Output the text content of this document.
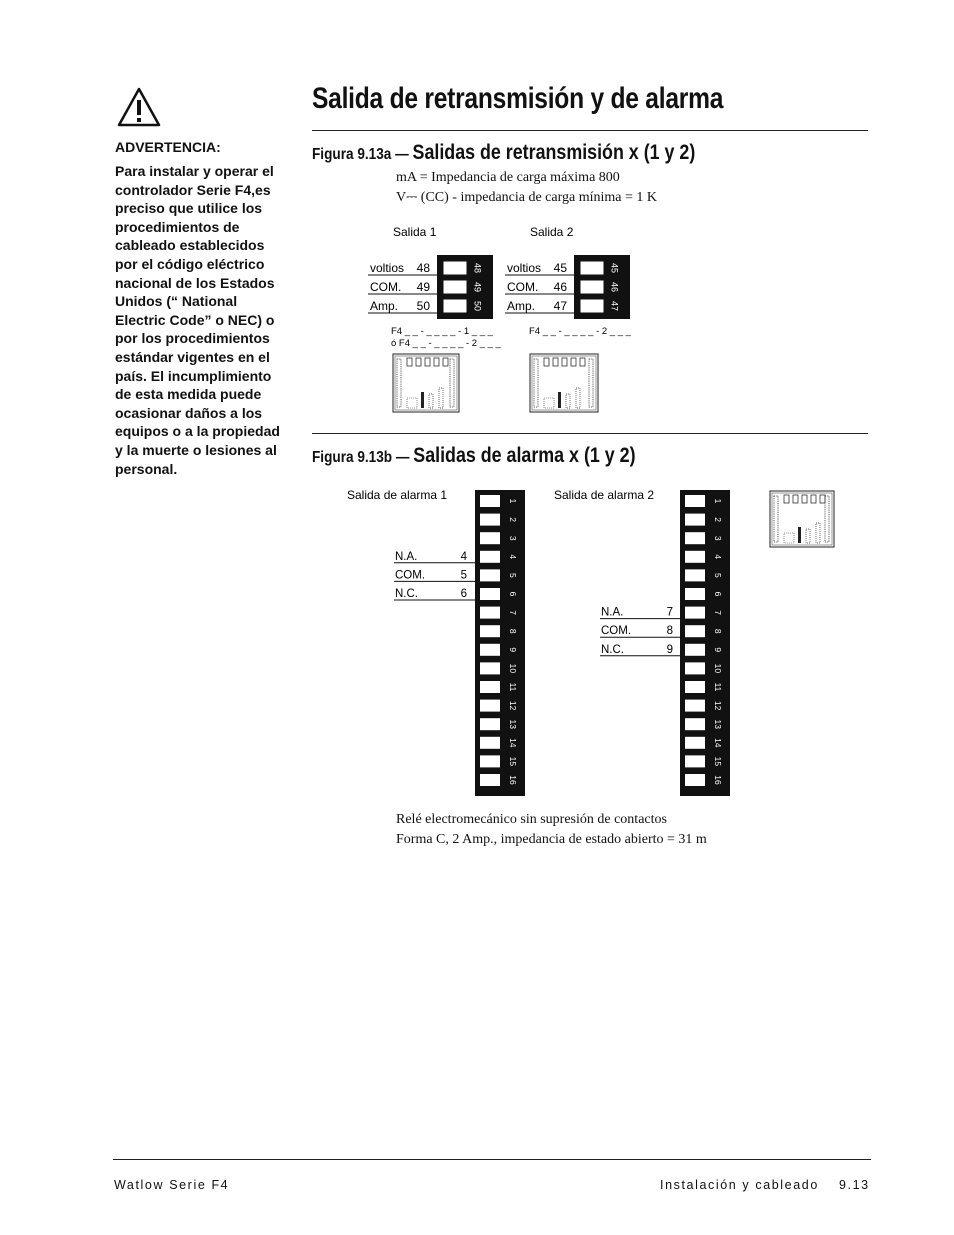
ADVERTENCIA:
Para instalar y operar el
controlador Serie F4,es
preciso que utilice los
procedimientos de
cableado establecidos
por el código eléctrico
nacional de los Estados
Unidos (“ National
Electric Code” o NEC) o
por los procedimientos
estándar vigentes en el
país. El incumplimiento
de esta medida puede
ocasionar daños a los
equipos o a la propiedad
y la muerte o lesiones al
personal.
Salida de retransmisión y de alarma
Figura 9.13a — Salidas de retransmisión x (1 y 2)
mA = Impedancia de carga máxima 800
V⎓ (CC) - impedancia de carga mínima = 1 K
Salida 1	Salida 2
voltios 48	48
COM. 49	49
Amp. 50	50
voltios 45	45
COM. 46	46
Amp. 47	47
F4 _ _ - _ _ _ _ - 1 _ _ _
ó F4 _ _ - _ _ _ _ - 2 _ _ _
F4 _ _ - _ _ _ _ - 2 _ _ _
Figura 9.13b — Salidas de alarma x (1 y 2)
Salida de alarma 1	Salida de alarma 2
1
2
3
4
5
6
7
8
9
10
11
12
13
14
15
16
1
2
3
4
5
6
7
8
9
10
11
12
13
14
15
16
N.A.	4
COM.	5
N.C.	6
N.A.	7
COM.	8
N.C.	9
Relé electromecánico sin supresión de contactos
Forma C, 2 Amp., impedancia de estado abierto = 31 m
Watlow Serie F4	Instalación y cableado 9.13
